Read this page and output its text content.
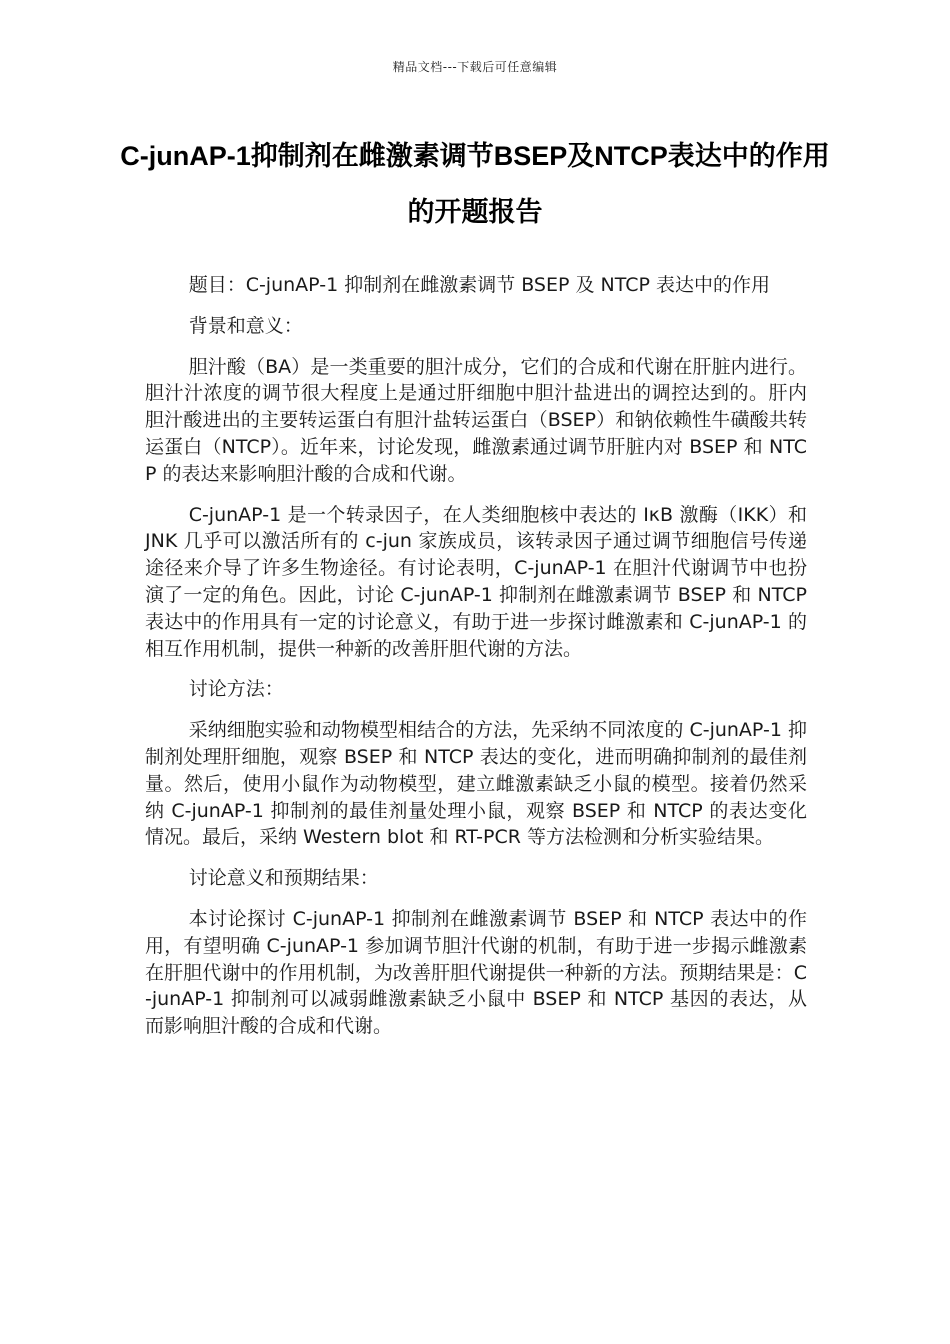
精品文档---下载后可任意编辑
C-junAP-1抑制剂在雌激素调节BSEP及NTCP表达中的作用的开题报告

题目：C-junAP-1 抑制剂在雌激素调节 BSEP 及 NTCP 表达中的作用

背景和意义：

胆汁酸（BA）是一类重要的胆汁成分，它们的合成和代谢在肝脏内进行。胆汁汁浓度的调节很大程度上是通过肝细胞中胆汁盐进出的调控达到的。肝内胆汁酸进出的主要转运蛋白有胆汁盐转运蛋白（BSEP）和钠依赖性牛磺酸共转运蛋白（NTCP）。近年来，讨论发现，雌激素通过调节肝脏内对 BSEP 和 NTCP 的表达来影响胆汁酸的合成和代谢。

C-junAP-1 是一个转录因子，在人类细胞核中表达的 IκB 激酶（IKK）和 JNK 几乎可以激活所有的 c-jun 家族成员，该转录因子通过调节细胞信号传递途径来介导了许多生物途径。有讨论表明，C-junAP-1 在胆汁代谢调节中也扮演了一定的角色。因此，讨论 C-junAP-1 抑制剂在雌激素调节 BSEP 和 NTCP 表达中的作用具有一定的讨论意义，有助于进一步探讨雌激素和 C-junAP-1 的相互作用机制，提供一种新的改善肝胆代谢的方法。

讨论方法：

采纳细胞实验和动物模型相结合的方法，先采纳不同浓度的 C-junAP-1 抑制剂处理肝细胞，观察 BSEP 和 NTCP 表达的变化，进而明确抑制剂的最佳剂量。然后，使用小鼠作为动物模型，建立雌激素缺乏小鼠的模型。接着仍然采纳 C-junAP-1 抑制剂的最佳剂量处理小鼠，观察 BSEP 和 NTCP 的表达变化情况。最后，采纳 Western blot 和 RT-PCR 等方法检测和分析实验结果。

讨论意义和预期结果：

本讨论探讨 C-junAP-1 抑制剂在雌激素调节 BSEP 和 NTCP 表达中的作用，有望明确 C-junAP-1 参加调节胆汁代谢的机制，有助于进一步揭示雌激素在肝胆代谢中的作用机制，为改善肝胆代谢提供一种新的方法。预期结果是：C-junAP-1 抑制剂可以减弱雌激素缺乏小鼠中 BSEP 和 NTCP 基因的表达，从而影响胆汁酸的合成和代谢。
